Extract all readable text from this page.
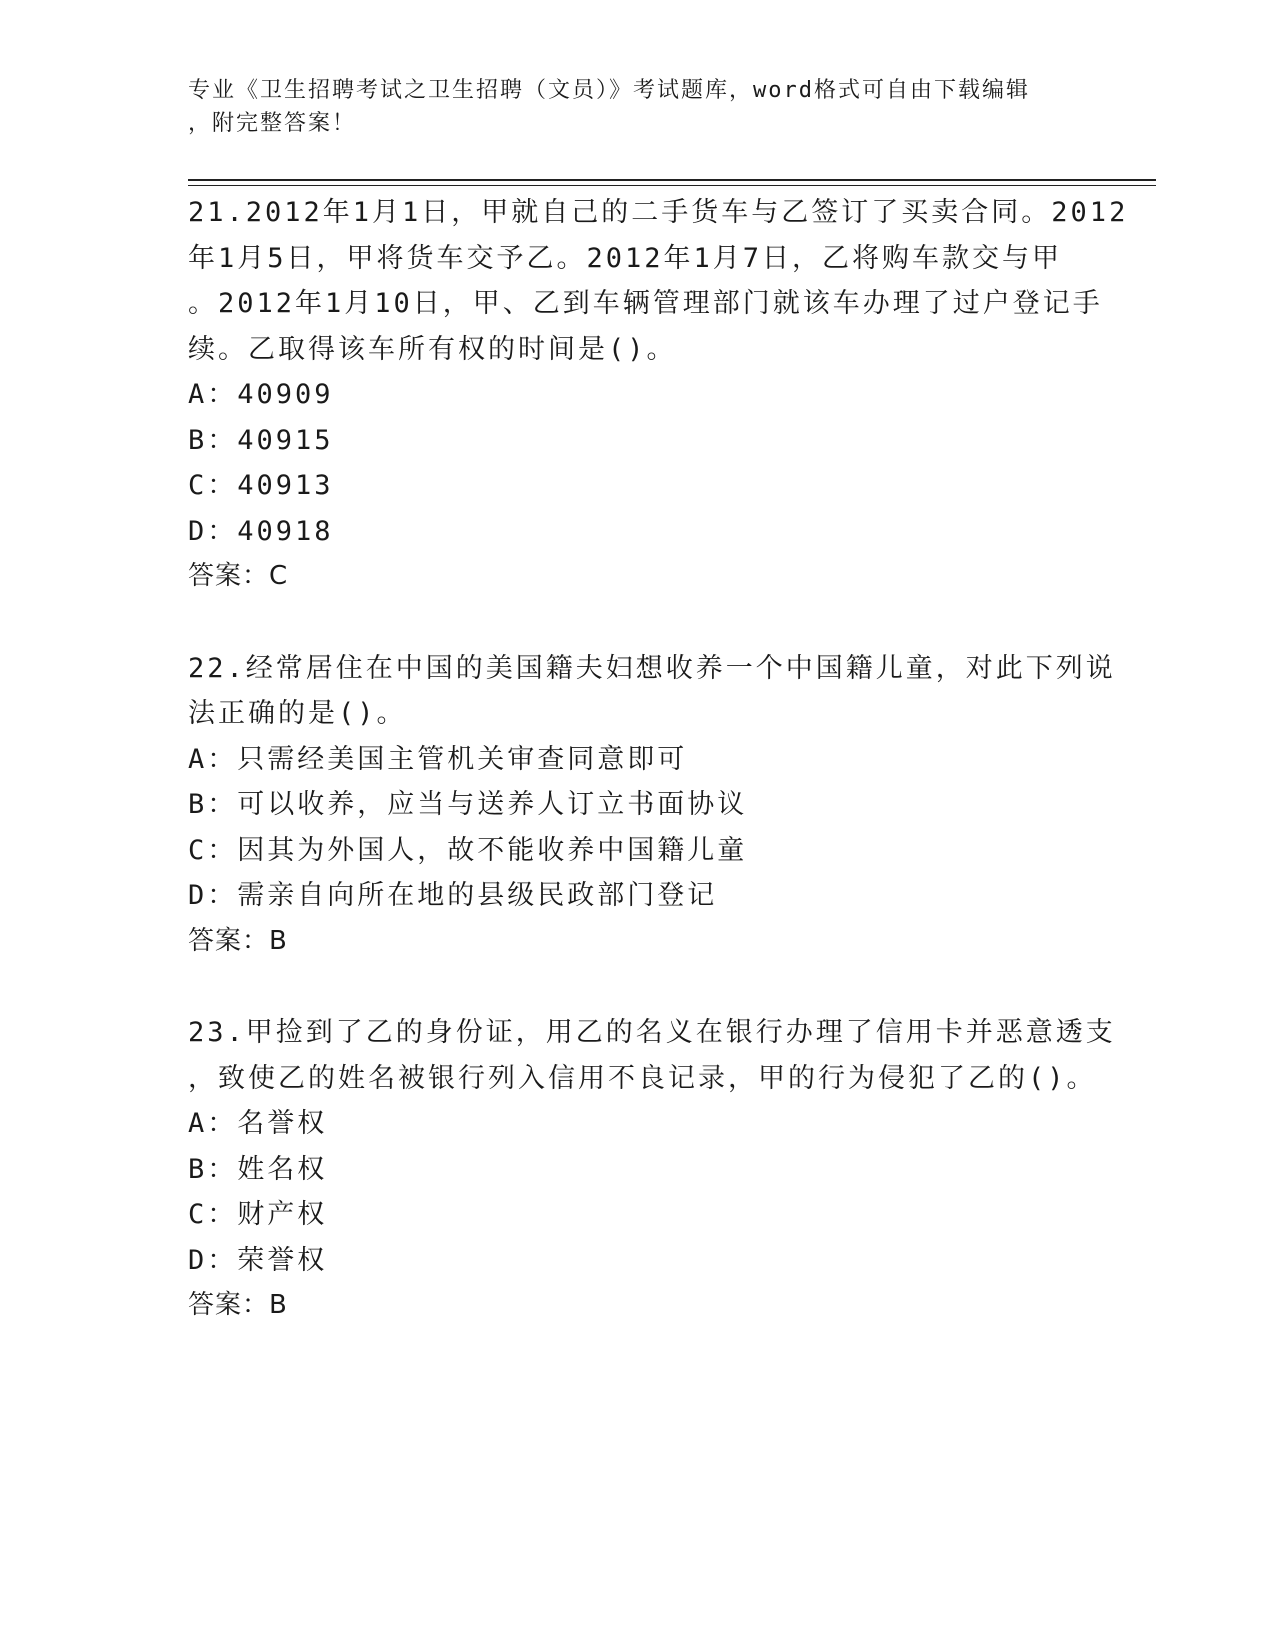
专业《卫生招聘考试之卫生招聘（文员）》考试题库，word格式可自由下载编辑
，附完整答案！
21.2012年1月1日，甲就自己的二手货车与乙签订了买卖合同。2012
年1月5日，甲将货车交予乙。2012年1月7日，乙将购车款交与甲
。2012年1月10日，甲、乙到车辆管理部门就该车办理了过户登记手
续。乙取得该车所有权的时间是()。
A：40909
B：40915
C：40913
D：40918
答案：C
22.经常居住在中国的美国籍夫妇想收养一个中国籍儿童，对此下列说
法正确的是()。
A：只需经美国主管机关审查同意即可
B：可以收养，应当与送养人订立书面协议
C：因其为外国人，故不能收养中国籍儿童
D：需亲自向所在地的县级民政部门登记
答案：B
23.甲捡到了乙的身份证，用乙的名义在银行办理了信用卡并恶意透支
，致使乙的姓名被银行列入信用不良记录，甲的行为侵犯了乙的()。
A：名誉权
B：姓名权
C：财产权
D：荣誉权
答案：B
